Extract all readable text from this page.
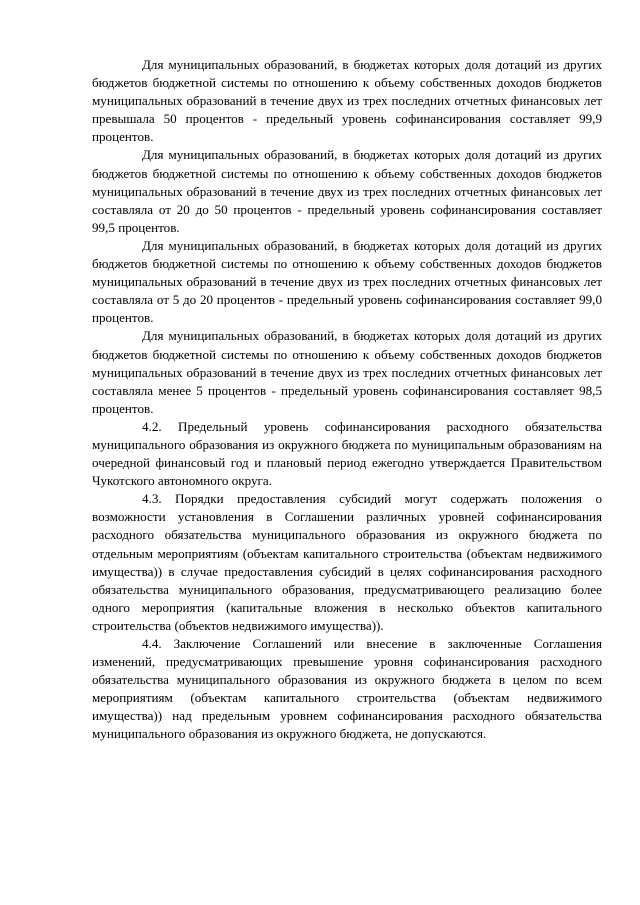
Для муниципальных образований, в бюджетах которых доля дотаций из других бюджетов бюджетной системы по отношению к объему собственных доходов бюджетов муниципальных образований в течение двух из трех последних отчетных финансовых лет превышала 50 процентов - предельный уровень софинансирования составляет 99,9 процентов.

Для муниципальных образований, в бюджетах которых доля дотаций из других бюджетов бюджетной системы по отношению к объему собственных доходов бюджетов муниципальных образований в течение двух из трех последних отчетных финансовых лет составляла от 20 до 50 процентов - предельный уровень софинансирования составляет 99,5 процентов.

Для муниципальных образований, в бюджетах которых доля дотаций из других бюджетов бюджетной системы по отношению к объему собственных доходов бюджетов муниципальных образований в течение двух из трех последних отчетных финансовых лет составляла от 5 до 20 процентов - предельный уровень софинансирования составляет 99,0 процентов.

Для муниципальных образований, в бюджетах которых доля дотаций из других бюджетов бюджетной системы по отношению к объему собственных доходов бюджетов муниципальных образований в течение двух из трех последних отчетных финансовых лет составляла менее 5 процентов - предельный уровень софинансирования составляет 98,5 процентов.

4.2. Предельный уровень софинансирования расходного обязательства муниципального образования из окружного бюджета по муниципальным образованиям на очередной финансовый год и плановый период ежегодно утверждается Правительством Чукотского автономного округа.

4.3. Порядки предоставления субсидий могут содержать положения о возможности установления в Соглашении различных уровней софинансирования расходного обязательства муниципального образования из окружного бюджета по отдельным мероприятиям (объектам капитального строительства (объектам недвижимого имущества)) в случае предоставления субсидий в целях софинансирования расходного обязательства муниципального образования, предусматривающего реализацию более одного мероприятия (капитальные вложения в несколько объектов капитального строительства (объектов недвижимого имущества)).

4.4. Заключение Соглашений или внесение в заключенные Соглашения изменений, предусматривающих превышение уровня софинансирования расходного обязательства муниципального образования из окружного бюджета в целом по всем мероприятиям (объектам капитального строительства (объектам недвижимого имущества)) над предельным уровнем софинансирования расходного обязательства муниципального образования из окружного бюджета, не допускаются.
